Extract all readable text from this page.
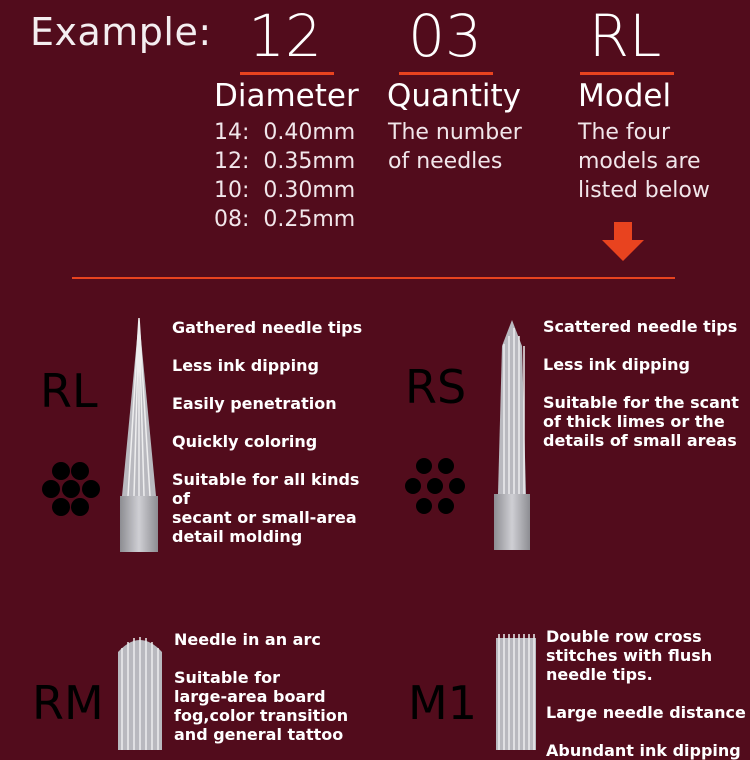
Example: 12 03 RL
Diameter
14:  0.40mm
12:  0.35mm
10:  0.30mm
08:  0.25mm
Quantity
The number
of needles
Model
The four
models are
listed below
RL
Gathered needle tips
Less ink dipping
Easily penetration
Quickly coloring
Suitable for all kinds of
secant or small-area
detail molding
RS
Scattered needle tips
Less ink dipping
Suitable for the scant
of thick limes or the
details of small areas
RM
Needle in an arc
Suitable for
large-area board
fog,color transition
and general tattoo
M1
Double row cross
stitches with flush
needle tips.
Large needle distance
Abundant ink dipping
